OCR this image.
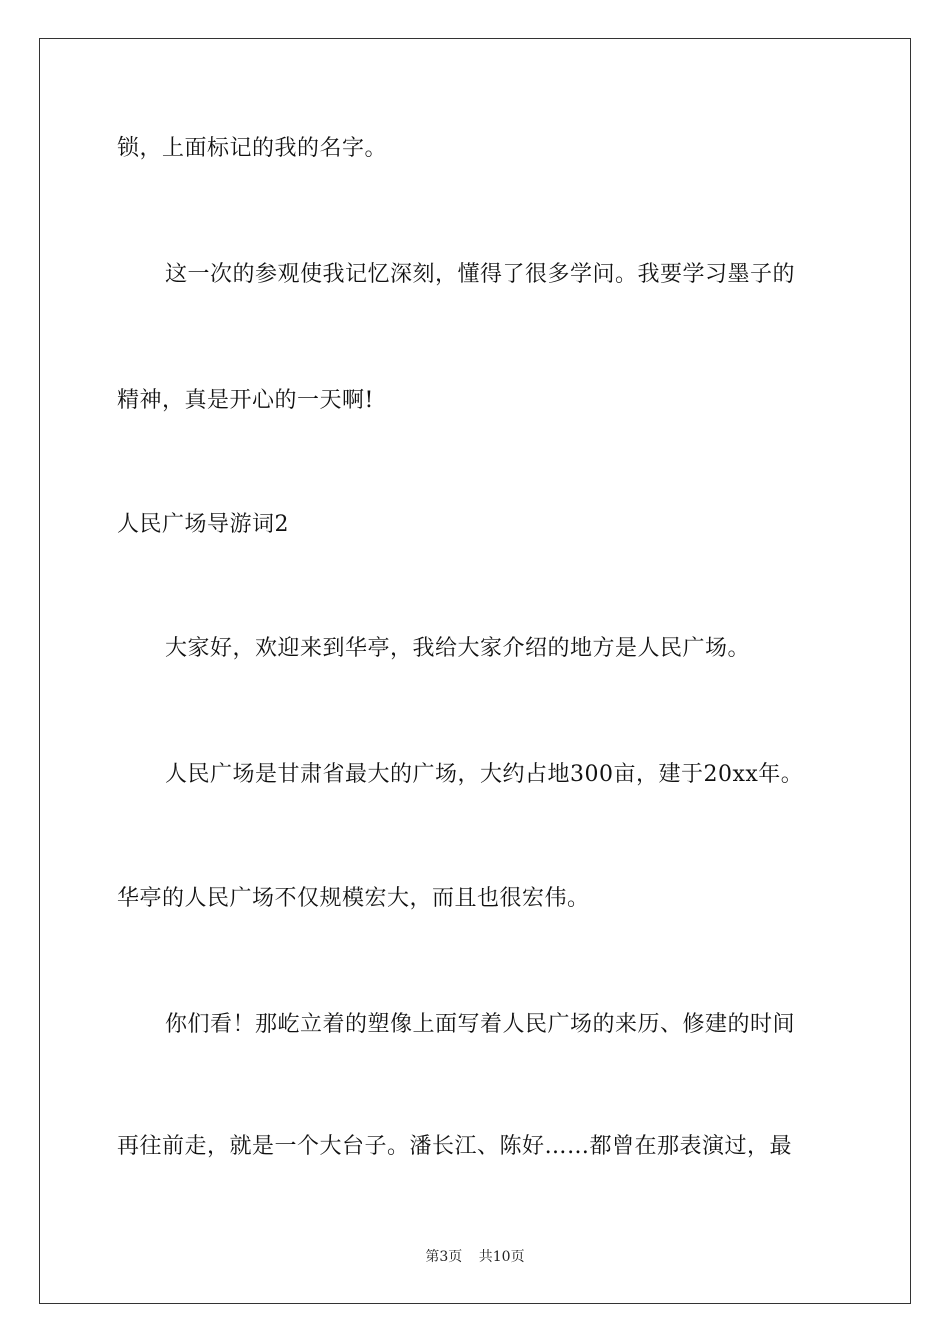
锁，上面标记的我的名字。
这一次的参观使我记忆深刻，懂得了很多学问。我要学习墨子的
精神，真是开心的一天啊!
人民广场导游词2
大家好，欢迎来到华亭，我给大家介绍的地方是人民广场。
人民广场是甘肃省最大的广场，大约占地300亩，建于20xx年。
华亭的人民广场不仅规模宏大，而且也很宏伟。
你们看！那屹立着的塑像上面写着人民广场的来历、修建的时间
再往前走，就是一个大台子。潘长江、陈好……都曾在那表演过，最
第3页 共10页
